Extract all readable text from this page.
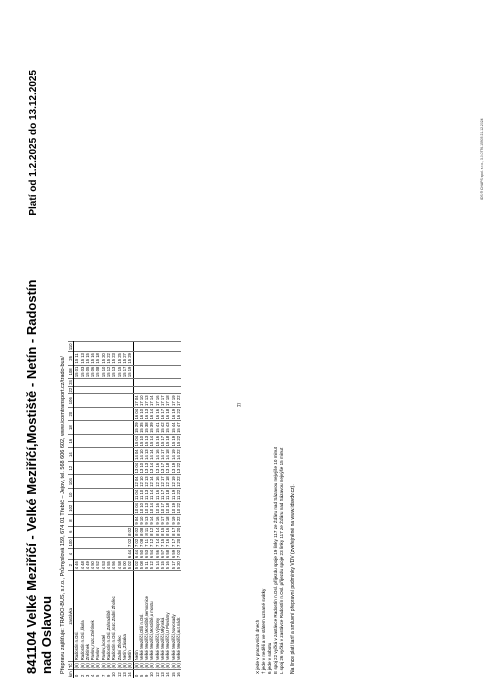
7/
841104 Velké Meziříčí - Velké Meziříčí,Mostiště - Netín - Radostín nad Oslavou
Platí od 1.2.2025 do 13.12.2025
Přepravu zajišťuje: TRADO-BUS, s.r.o., Průmyslová 159, 674 01 Třebíč – Jejov, tel. 568 606 602, www.icomtransport.cz/trado-bus/
km	Tč	zastávka	2	4	100	6	8	102	10	104	12	14	16	18	20	106	22	24	108	26	110
0	(6)	Radostín n.Osl.	4 46																15 01	15 11	
2	(6)	Radostín n.Osl.,škola	4 48																15 03	15 13	
3	(6)	Znětínek	4 49																15 05	15 15	
4	(6)	Pavlov,,rozc.Znětínek	4 50																15 06	15 16	
5	(6)	Pavlov	4 52																15 08	15 18	
7	(6)	Pavlov,,kostel	4 53																15 10	15 20	
9	(6)	Radostín n.Osl.,Zahradiště	4 55																15 12	15 22	
10	(6)	Radostín n.Osl.,rozc.Zadní Zhořec	4 56																15 13	15 23	
12	(6)	Zadní Zhořec	4 58																15 15	15 25	
13	(6)	Netín,,Zásaka	5 00																15 17	15 27	
14	(6)	Netín	5 02	6 44	7 02	8 02													15 19	15 29	
0	(6)	Netín	5 02	6 44	7 02	8 02	9 04	10 04	11 04	12 04	13 04	14 04	15 04	15 29	16 04	17 04					
5	(6)	Velké Meziříčí,Olší n.Osl.	5 08	6 50	7 08	8 08	9 10	10 10	11 10	12 10	13 10	14 10	15 10	15 35	16 10	17 10					
9	(6)	Velké Meziříčí,Mostiště,nemocnice	5 11	6 53	7 11	8 11	9 13	10 13	11 13	12 13	13 13	14 13	15 13	15 38	16 13	17 13					
10	(6)	Velké Meziříčí,Mostiště,u mostu	5 12	6 54	7 12	8 12	9 14	10 14	11 14	12 14	13 14	14 14	15 14	15 39	16 14	17 14					
12	(6)	Velké Meziříčí,Výtopny	5 14	6 56	7 14	8 14	9 16	10 16	11 16	12 16	13 16	14 16	15 16	15 41	16 16	17 16					
13	(6)	Velké Meziříčí,Mlýnská	5 15	6 57	7 15	8 15	9 17	10 17	11 17	12 17	13 17	14 17	15 17	15 42	16 17	17 17					
14	(6)	Velké Meziříčí,U Plovárny	5 16	6 58	7 16	8 16	9 18	10 18	11 18	12 18	13 18	14 18	15 18	15 43	16 18	17 18					
15	(6)	Velké Meziříčí,Novosady	5 17	6 59	7 17	8 17	9 19	10 19	11 19	12 19	13 19	14 19	15 19	15 44	16 19	17 19					
16	(6)	Velké Meziříčí,aut.nádr.	5 20	7 02	7 20	8 20	9 22	10 22	11 22	12 22	13 22	14 22	15 22	15 47	16 22	17 22					
X jede v pracovních dnech † jede v neděli a ve státem uznané svátky 6 jede v sobotu E spoj 22 vyčká v zastávce Radostín n.Osl. příjezdu spoje 19 linky 117 ze Žďáru nad Sázavou nejvýše 10 minut L spoj 26 vyčká v zastávce Radostín n.Osl. příjezdu spoje 23 linky 117 ze Žďáru nad Sázavou nejvýše 15 minut Na lince platí tarif a smluvní přepravní podmínky VDV (zveřejněné na www.idsvdv.cz).
IDS ® CHAPS spol. s r.o., 3.0.0776.15905 21.12.2024
